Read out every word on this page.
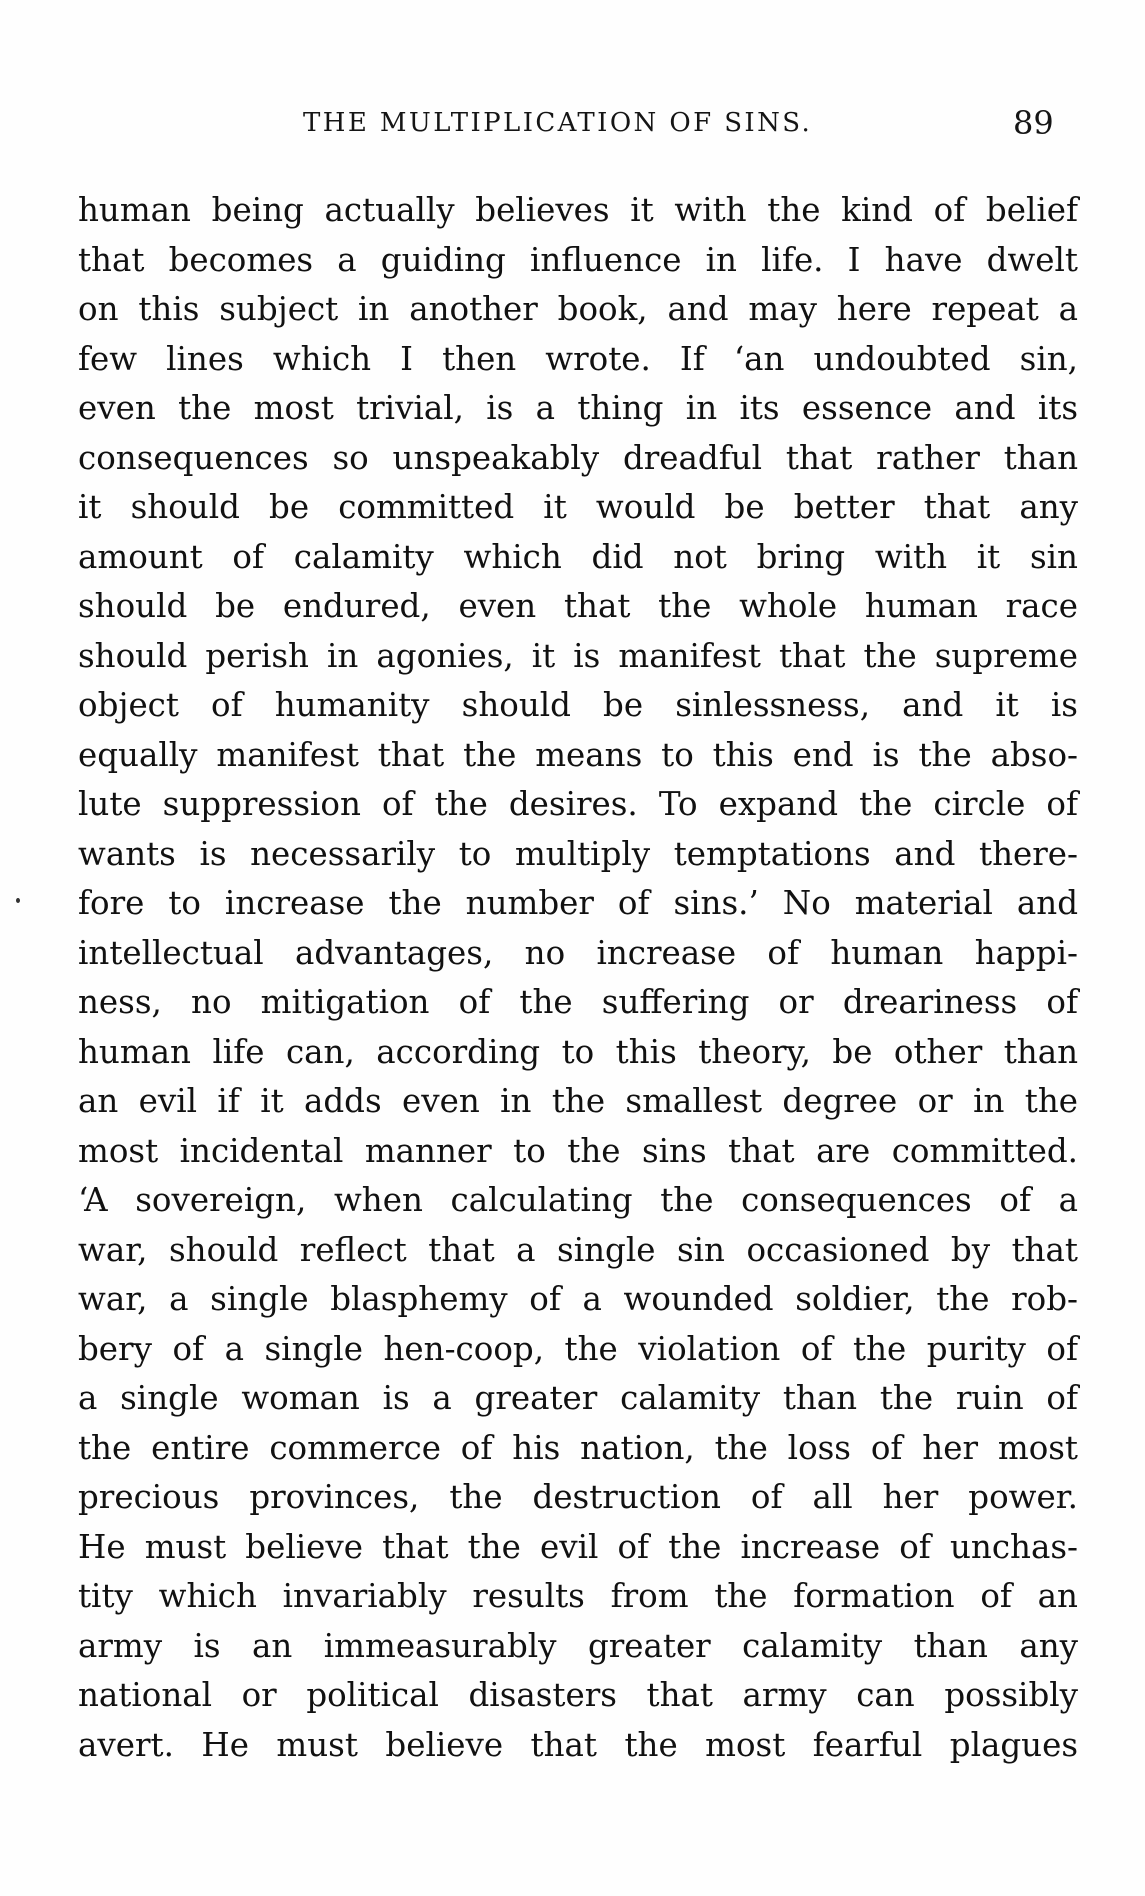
THE MULTIPLICATION OF SINS.	89
human being actually believes it with the kind of belief
that becomes a guiding influence in life. I have dwelt
on this subject in another book, and may here repeat a
few lines which I then wrote. If ‘an undoubted sin,
even the most trivial, is a thing in its essence and its
consequences so unspeakably dreadful that rather than
it should be committed it would be better that any
amount of calamity which did not bring with it sin
should be endured, even that the whole human race
should perish in agonies, it is manifest that the supreme
object of humanity should be sinlessness, and it is
equally manifest that the means to this end is the abso-
lute suppression of the desires. To expand the circle of
wants is necessarily to multiply temptations and there-
fore to increase the number of sins.’ No material and
intellectual advantages, no increase of human happi-
ness, no mitigation of the suffering or dreariness of
human life can, according to this theory, be other than
an evil if it adds even in the smallest degree or in the
most incidental manner to the sins that are committed.
‘A sovereign, when calculating the consequences of a
war, should reflect that a single sin occasioned by that
war, a single blasphemy of a wounded soldier, the rob-
bery of a single hen-coop, the violation of the purity of
a single woman is a greater calamity than the ruin of
the entire commerce of his nation, the loss of her most
precious provinces, the destruction of all her power.
He must believe that the evil of the increase of unchas-
tity which invariably results from the formation of an
army is an immeasurably greater calamity than any
national or political disasters that army can possibly
avert. He must believe that the most fearful plagues
